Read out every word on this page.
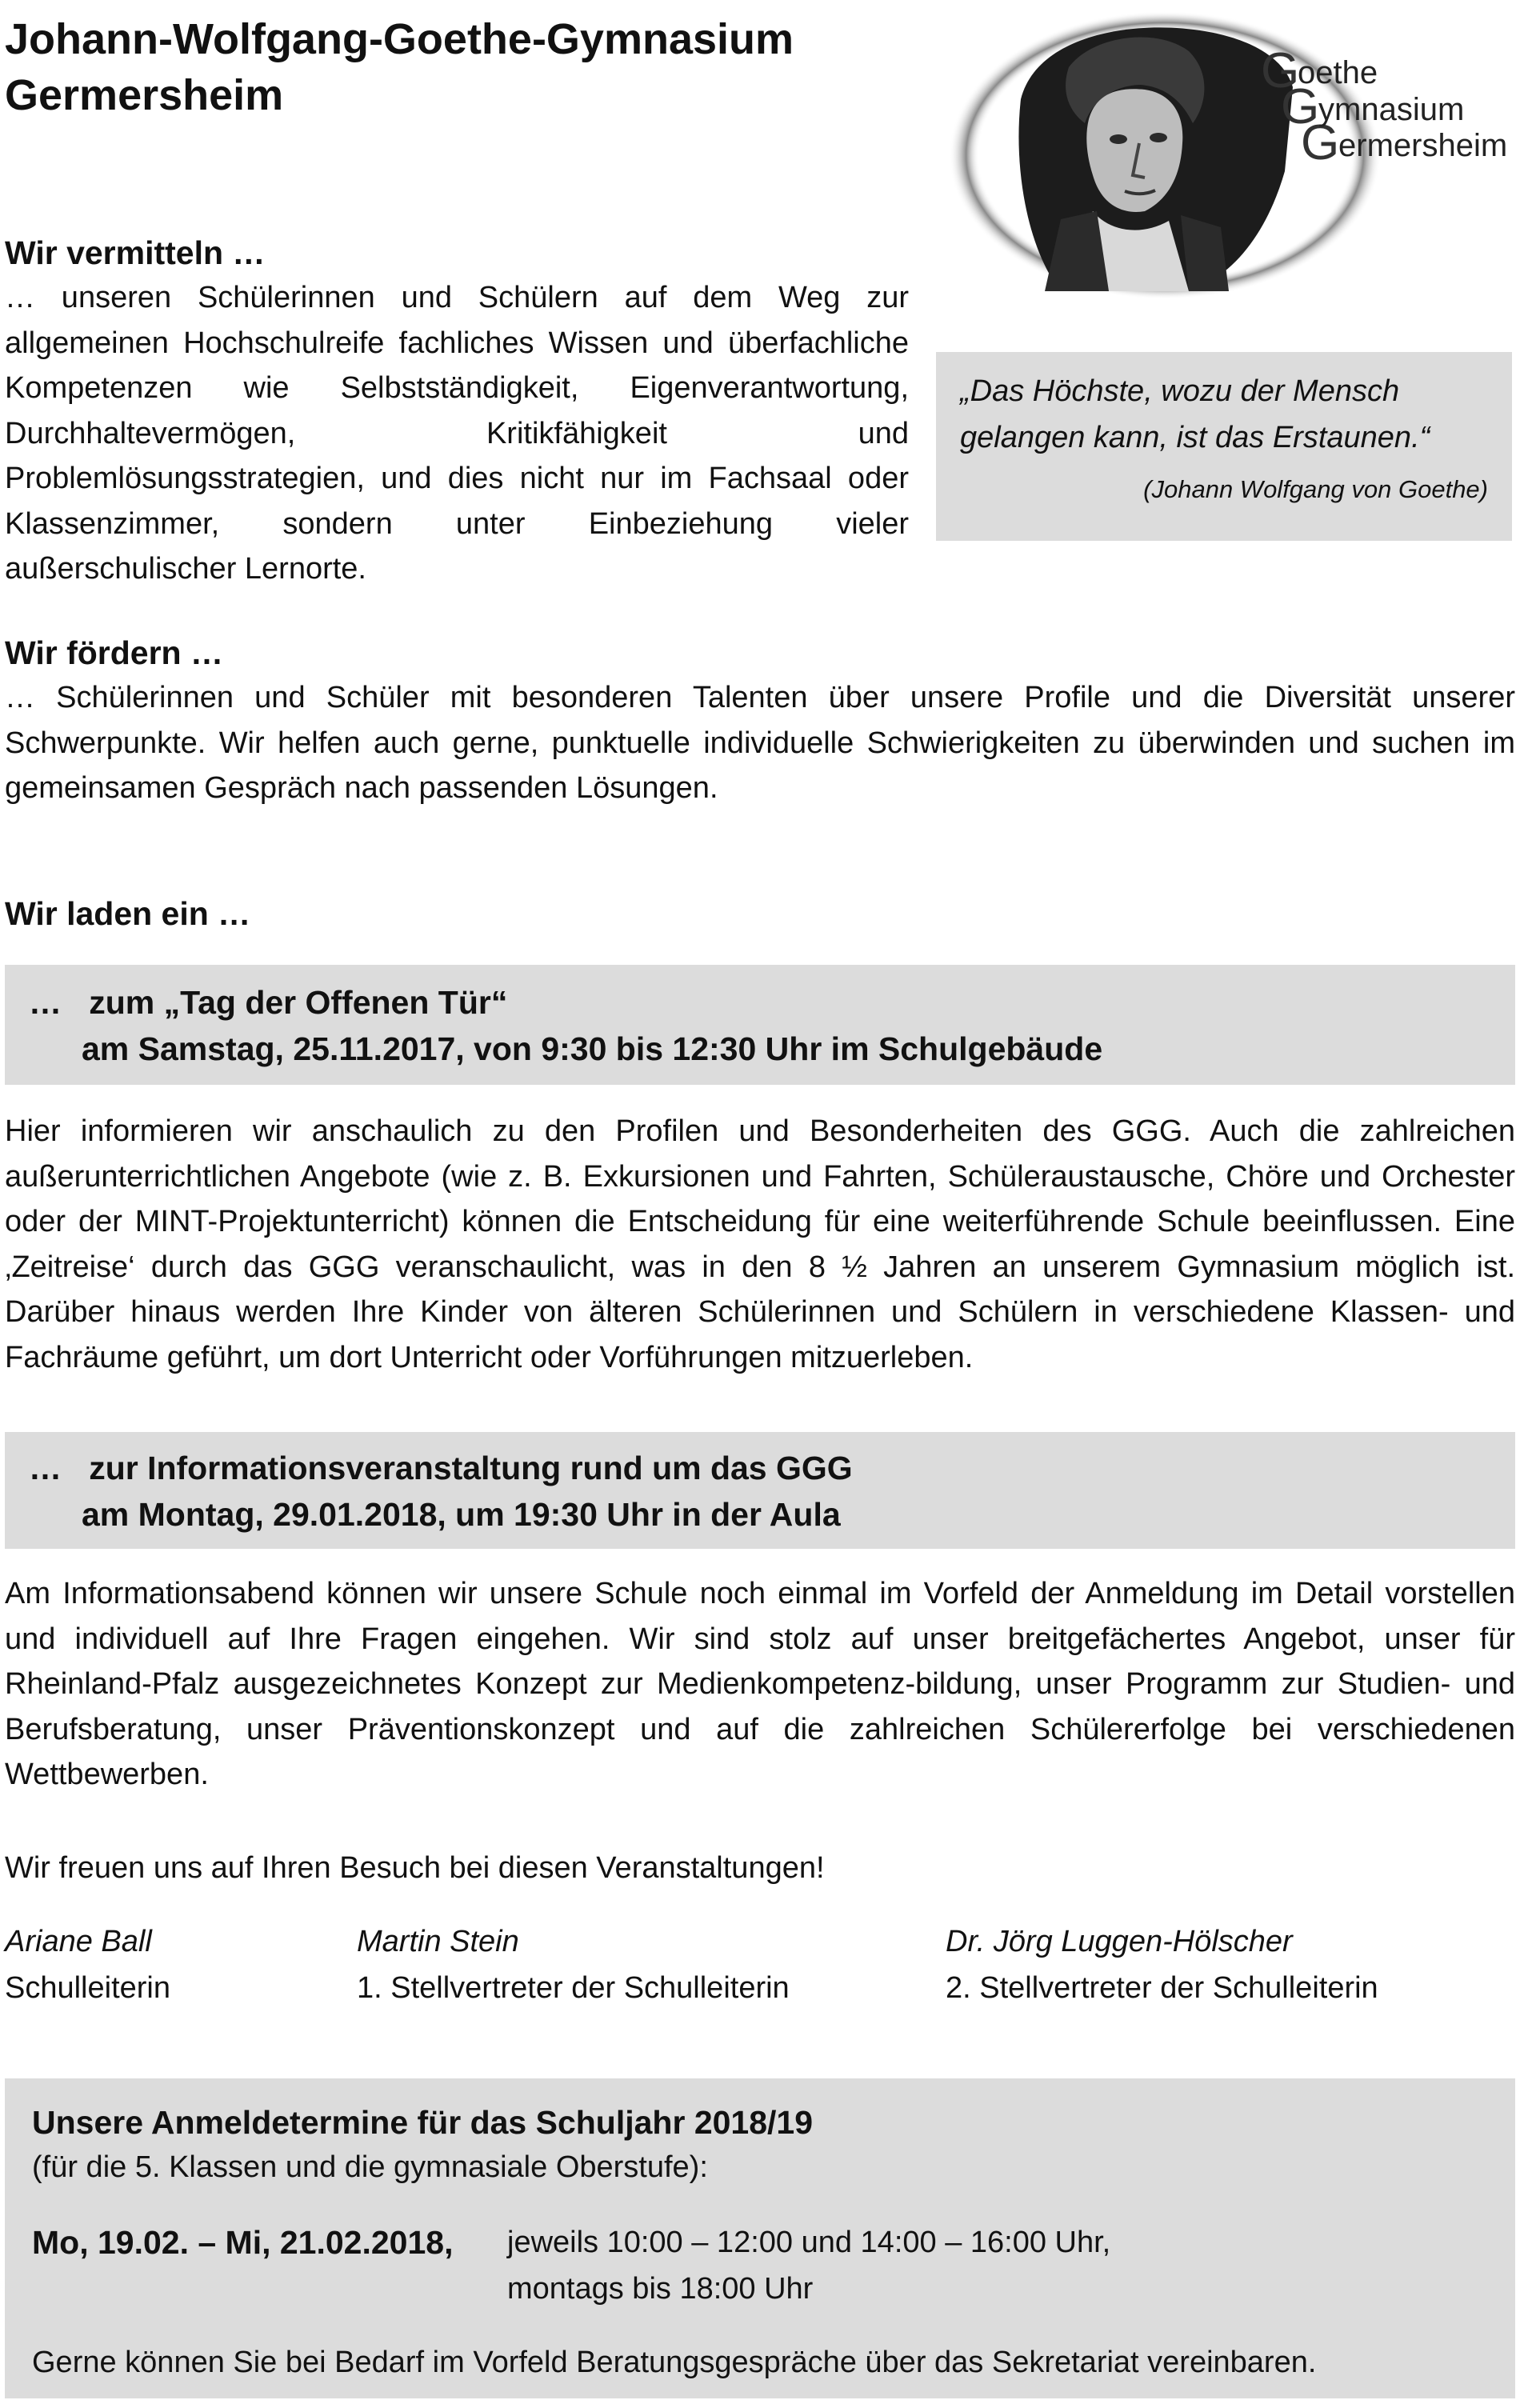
Johann-Wolfgang-Goethe-Gymnasium
Germersheim	G
G
G
oethe
ymnasium
ermersheim

„Das Höchste, wozu der Mensch

gelangen kann, ist das Erstaunen.“

(Johann Wolfgang von Goethe)

Wir vermitteln …

… unseren Schülerinnen und Schülern auf dem Weg zur allgemeinen Hochschulreife fachliches Wissen und überfachliche Kompetenzen wie Selbstständigkeit, Eigenverantwortung, Durchhaltevermögen, Kritikfähigkeit und Problemlösungsstrategien, und dies nicht nur im Fachsaal oder Klassenzimmer, sondern unter Einbeziehung vieler außerschulischer Lernorte.

Wir fördern …

… Schülerinnen und Schüler mit besonderen Talenten über unsere Profile und die Diversität unserer Schwerpunkte. Wir helfen auch gerne, punktuelle individuelle Schwierigkeiten zu überwinden und suchen im gemeinsamen Gespräch nach passenden Lösungen.

Wir laden ein …

… zum „Tag der Offenen Tür“

am Samstag, 25.11.2017, von 9:30 bis 12:30 Uhr im Schulgebäude

Hier informieren wir anschaulich zu den Profilen und Besonderheiten des GGG. Auch die zahlreichen außerunterrichtlichen Angebote (wie z. B. Exkursionen und Fahrten, Schüleraustausche, Chöre und Orchester oder der MINT-Projektunterricht) können die Entscheidung für eine weiterführende Schule beeinflussen. Eine ‚Zeitreise‘ durch das GGG veranschaulicht, was in den 8 ½ Jahren an unserem Gymnasium möglich ist. Darüber hinaus werden Ihre Kinder von älteren Schülerinnen und Schülern in verschiedene Klassen- und Fachräume geführt, um dort Unterricht oder Vorführungen mitzuerleben.

… zur Informationsveranstaltung rund um das GGG

am Montag, 29.01.2018, um 19:30 Uhr in der Aula

Am Informationsabend können wir unsere Schule noch einmal im Vorfeld der Anmeldung im Detail vorstellen und individuell auf Ihre Fragen eingehen. Wir sind stolz auf unser breitgefächertes Angebot, unser für Rheinland-Pfalz ausgezeichnetes Konzept zur Medienkompetenz-bildung, unser Programm zur Studien- und Berufsberatung, unser Präventionskonzept und auf die zahlreichen Schülererfolge bei verschiedenen Wettbewerben.

Wir freuen uns auf Ihren Besuch bei diesen Veranstaltungen!

Ariane Ball

Schulleiterin

Martin Stein

1. Stellvertreter der Schulleiterin

Dr. Jörg Luggen-Hölscher

2. Stellvertreter der Schulleiterin

Unsere Anmeldetermine für das Schuljahr 2018/19

(für die 5. Klassen und die gymnasiale Oberstufe):

Mo, 19.02. – Mi, 21.02.2018, jeweils 10:00 – 12:00 und 14:00 – 16:00 Uhr,
montags bis 18:00 Uhr

Gerne können Sie bei Bedarf im Vorfeld Beratungsgespräche über das Sekretariat vereinbaren.
